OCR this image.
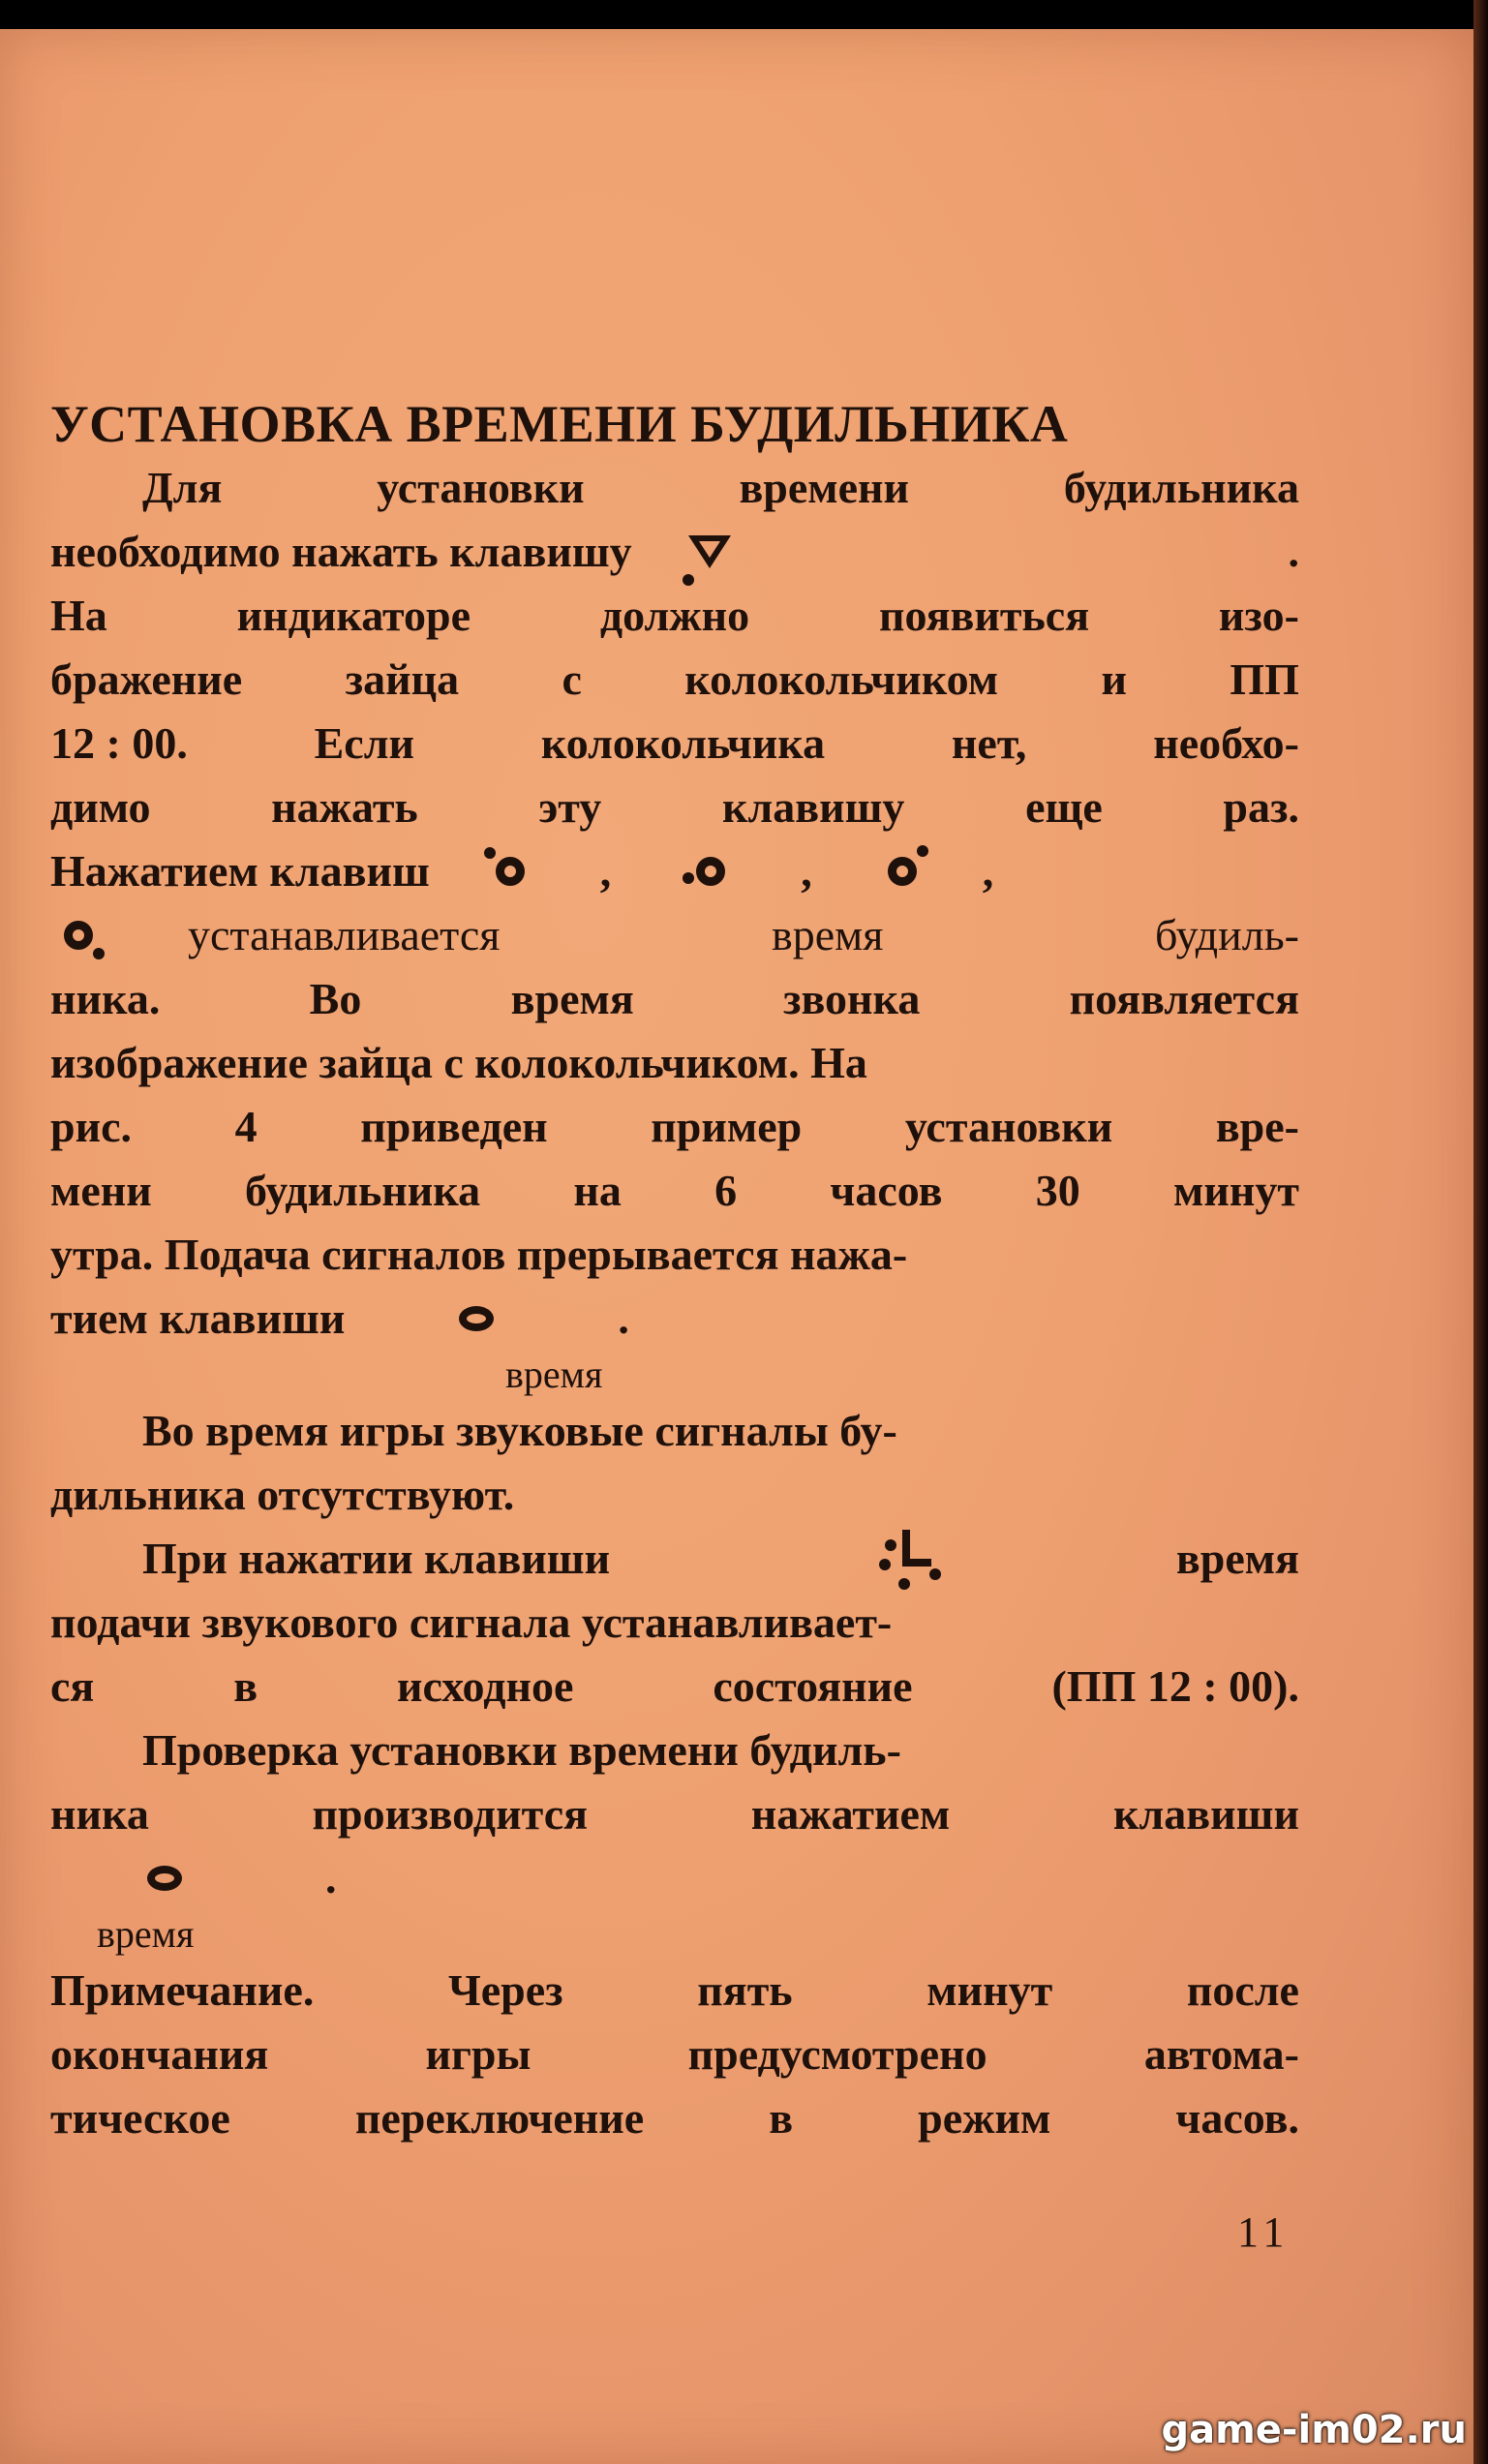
УСТАНОВКА ВРЕМЕНИ БУДИЛЬНИКА
Для	установки	времени	будильника
необходимо нажать клавишу	.
На	индикаторе	должно	появиться	изо-
бражение зайца с колокольчиком и ПП
12 : 00.	Если	колокольчика	нет,	необхо-
димо	нажать	эту	клавишу	еще	раз.
Нажатием клавиш	,	,	,
устанавливается	время	будиль-
ника.	Во	время	звонка	появляется
изображение зайца с колокольчиком. На
рис. 4 приведен пример установки вре-
мени будильника на 6 часов 30 минут
утра. Подача сигналов прерывается нажа-
тием клавиши	.
время
Во время игры звуковые сигналы бу-
дильника отсутствуют.
При нажатии клавиши	время
подачи звукового сигнала устанавливает-
ся	в	исходное	состояние	(ПП 12 : 00).
Проверка установки времени будиль-
ника	производится	нажатием	клавиши
.
время
Примечание.	Через	пять	минут	после
окончания	игры	предусмотрено	автома-
тическое	переключение	в	режим	часов.
11
game-im02.ru
